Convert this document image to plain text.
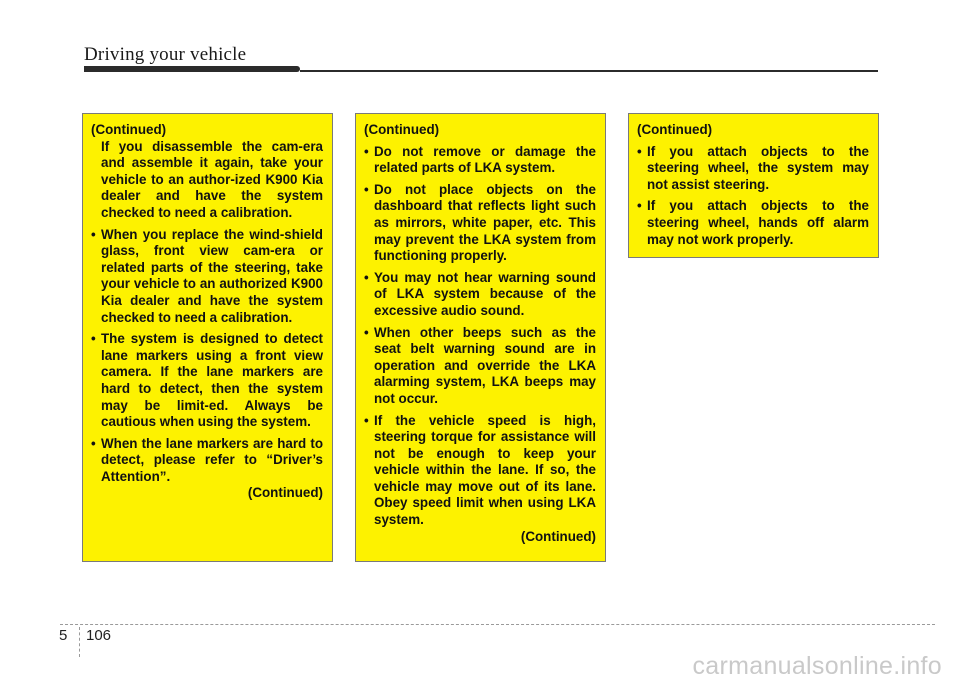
Driving your vehicle

(Continued)

If you disassemble the cam-era and assemble it again, take your vehicle to an author-ized K900 Kia dealer and have the system checked to need a calibration.

• When you replace the wind-shield glass, front view cam-era or related parts of the steering, take your vehicle to an authorized K900 Kia dealer and have the system checked to need a calibration.
• The system is designed to detect lane markers using a front view camera. If the lane markers are hard to detect, then the system may be limit-ed. Always be cautious when using the system.
• When the lane markers are hard to detect, please refer to “Driver’s Attention”.

(Continued)

(Continued)

• Do not remove or damage the related parts of LKA system.
• Do not place objects on the dashboard that reflects light such as mirrors, white paper, etc. This may prevent the LKA system from functioning properly.
• You may not hear warning sound of LKA system because of the excessive audio sound.
• When other beeps such as the seat belt warning sound are in operation and override the LKA alarming system, LKA beeps may not occur.
• If the vehicle speed is high, steering torque for assistance will not be enough to keep your vehicle within the lane. If so, the vehicle may move out of its lane. Obey speed limit when using LKA system.

(Continued)

(Continued)

• If you attach objects to the steering wheel, the system may not assist steering.
• If you attach objects to the steering wheel, hands off alarm may not work properly.
5 106
carmanualsonline.info
